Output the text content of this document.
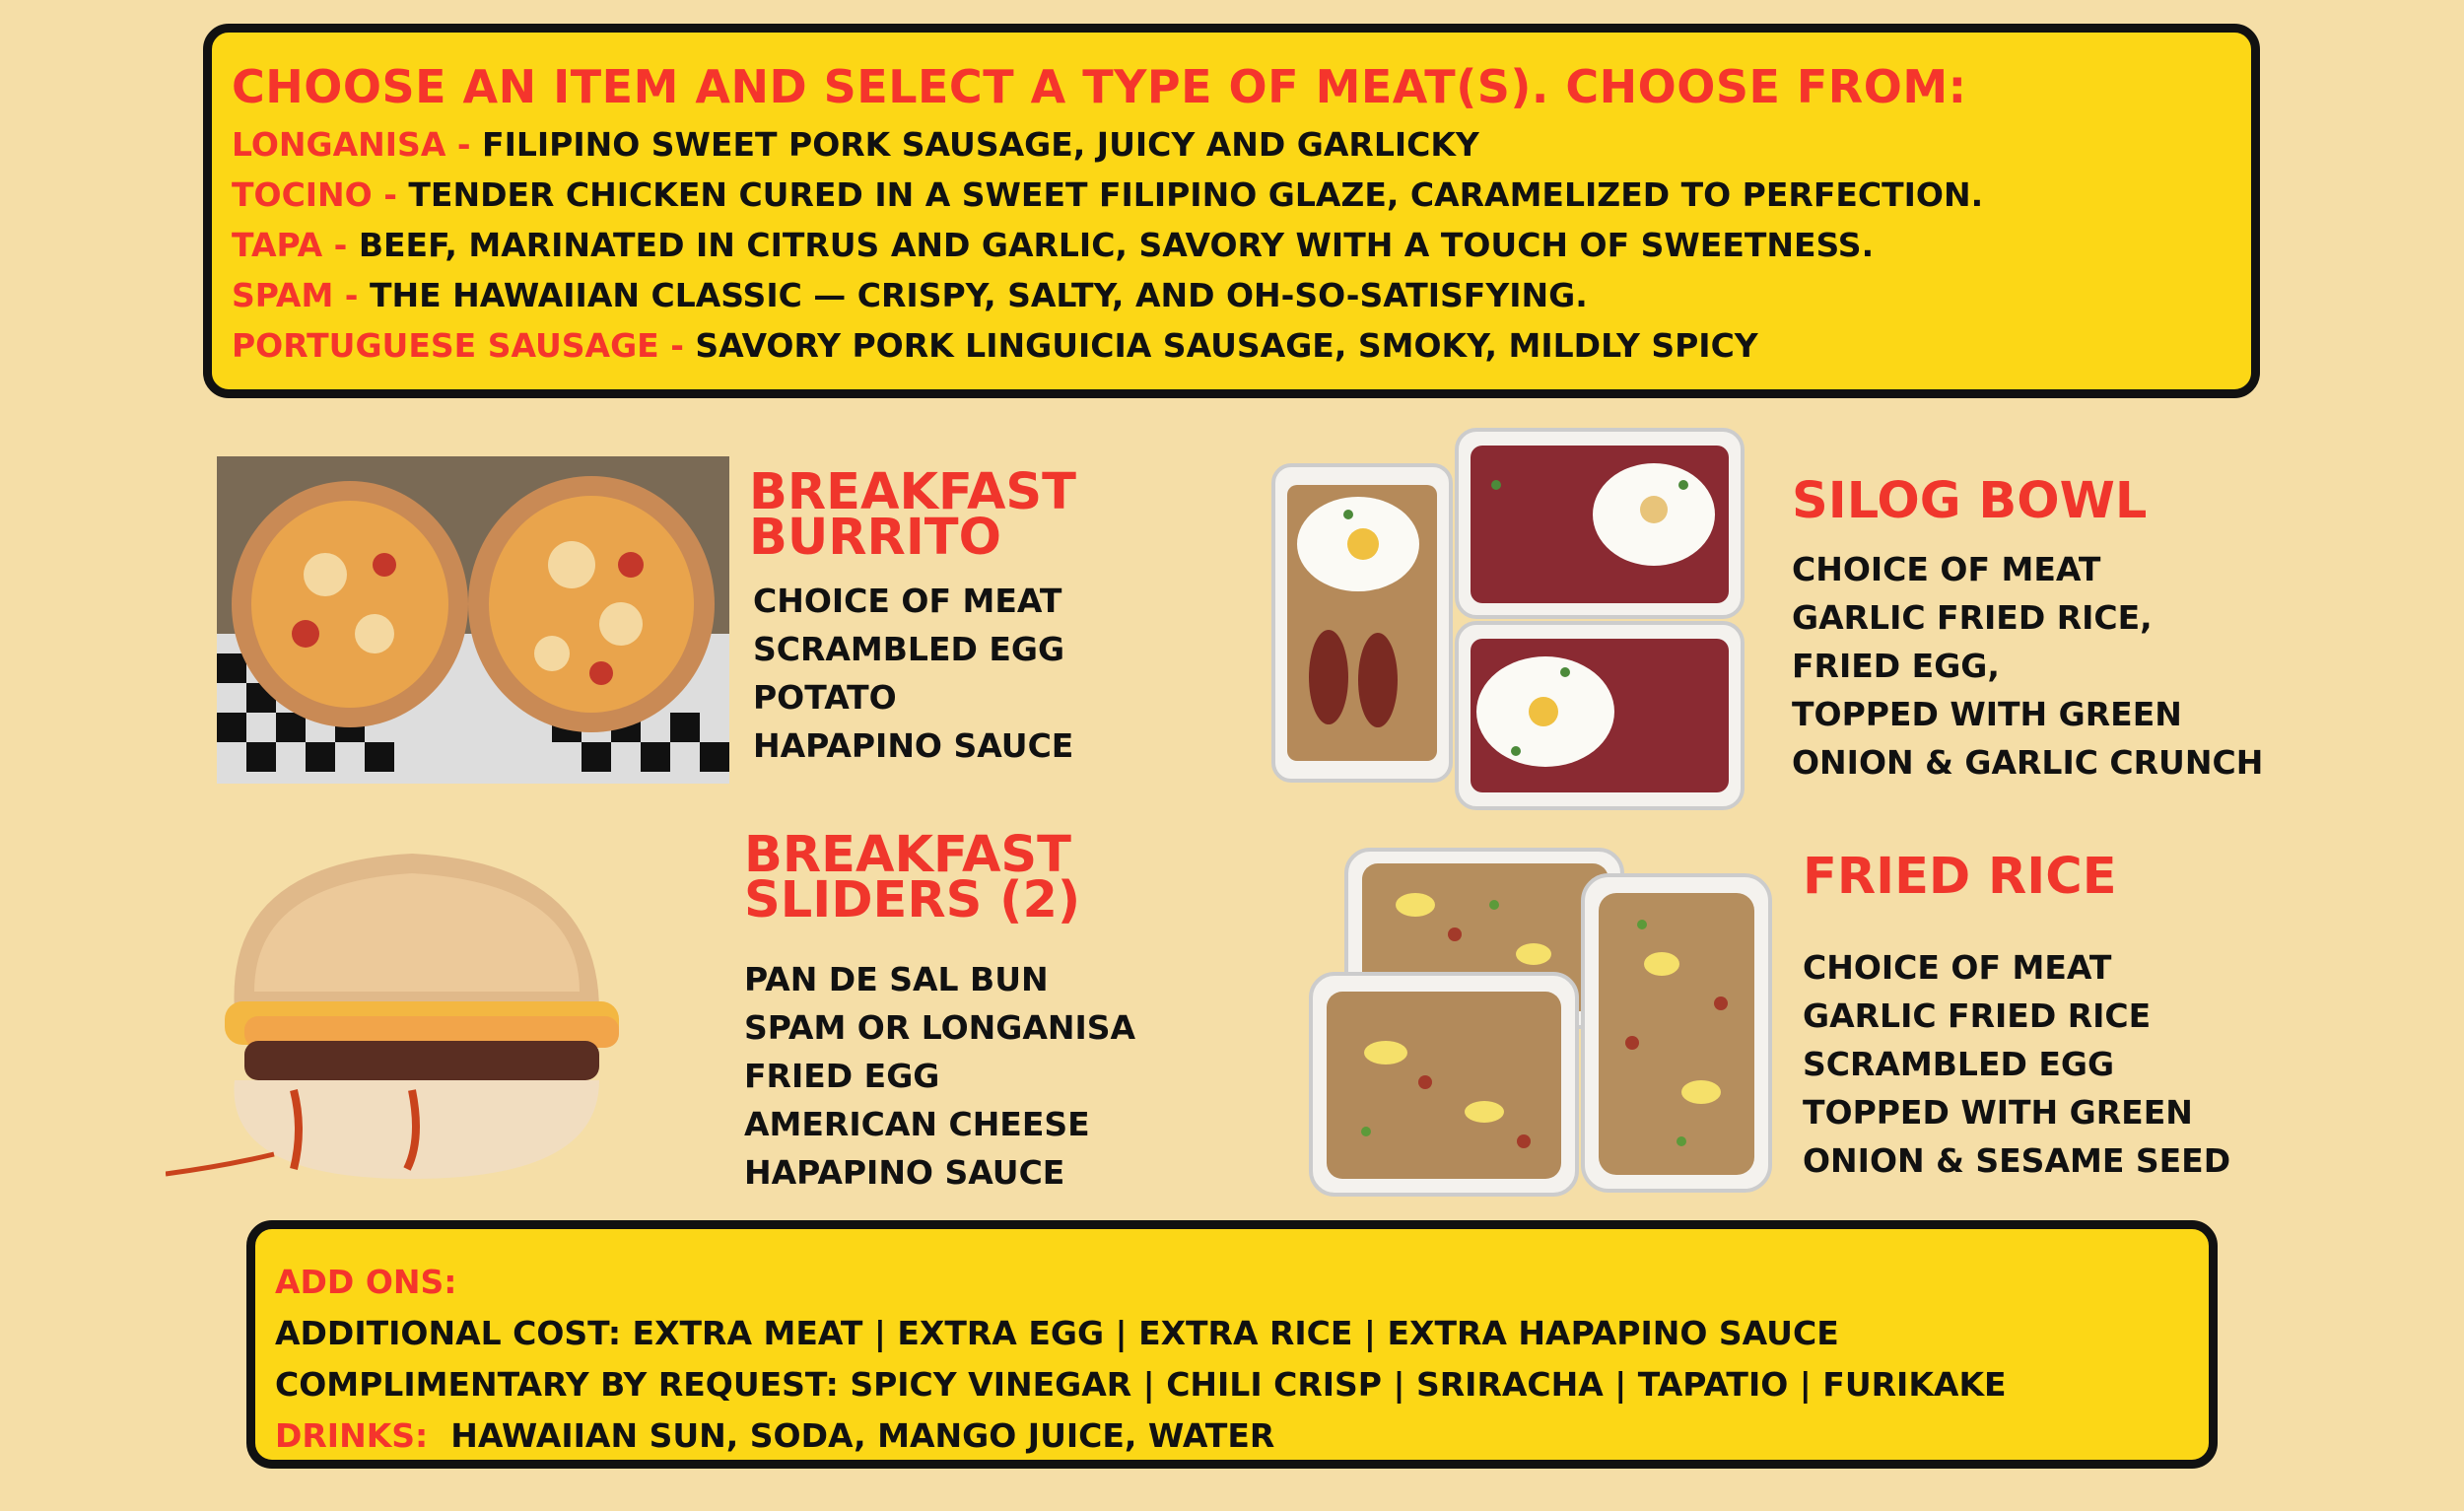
CHOOSE AN ITEM AND SELECT A TYPE OF MEAT(S). CHOOSE FROM:
LONGANISA - FILIPINO SWEET PORK SAUSAGE, JUICY AND GARLICKY
TOCINO - TENDER CHICKEN CURED IN A SWEET FILIPINO GLAZE, CARAMELIZED TO PERFECTION.
TAPA - BEEF, MARINATED IN CITRUS AND GARLIC, SAVORY WITH A TOUCH OF SWEETNESS.
SPAM - THE HAWAIIAN CLASSIC — CRISPY, SALTY, AND OH-SO-SATISFYING.
PORTUGUESE SAUSAGE - SAVORY PORK LINGUICIA SAUSAGE, SMOKY, MILDLY SPICY
BREAKFAST
BURRITO
CHOICE OF MEAT
SCRAMBLED EGG
POTATO
HAPAPINO SAUCE
SILOG BOWL
CHOICE OF MEAT
GARLIC FRIED RICE,
FRIED EGG,
TOPPED WITH GREEN
ONION & GARLIC CRUNCH
BREAKFAST
SLIDERS (2)
PAN DE SAL BUN
SPAM OR LONGANISA
FRIED EGG
AMERICAN CHEESE
HAPAPINO SAUCE
FRIED RICE
CHOICE OF MEAT
GARLIC FRIED RICE
SCRAMBLED EGG
TOPPED WITH GREEN
ONION & SESAME SEED
ADD ONS:
ADDITIONAL COST: EXTRA MEAT | EXTRA EGG | EXTRA RICE | EXTRA HAPAPINO SAUCE
COMPLIMENTARY BY REQUEST: SPICY VINEGAR | CHILI CRISP | SRIRACHA | TAPATIO | FURIKAKE
DRINKS:  HAWAIIAN SUN, SODA, MANGO JUICE, WATER
